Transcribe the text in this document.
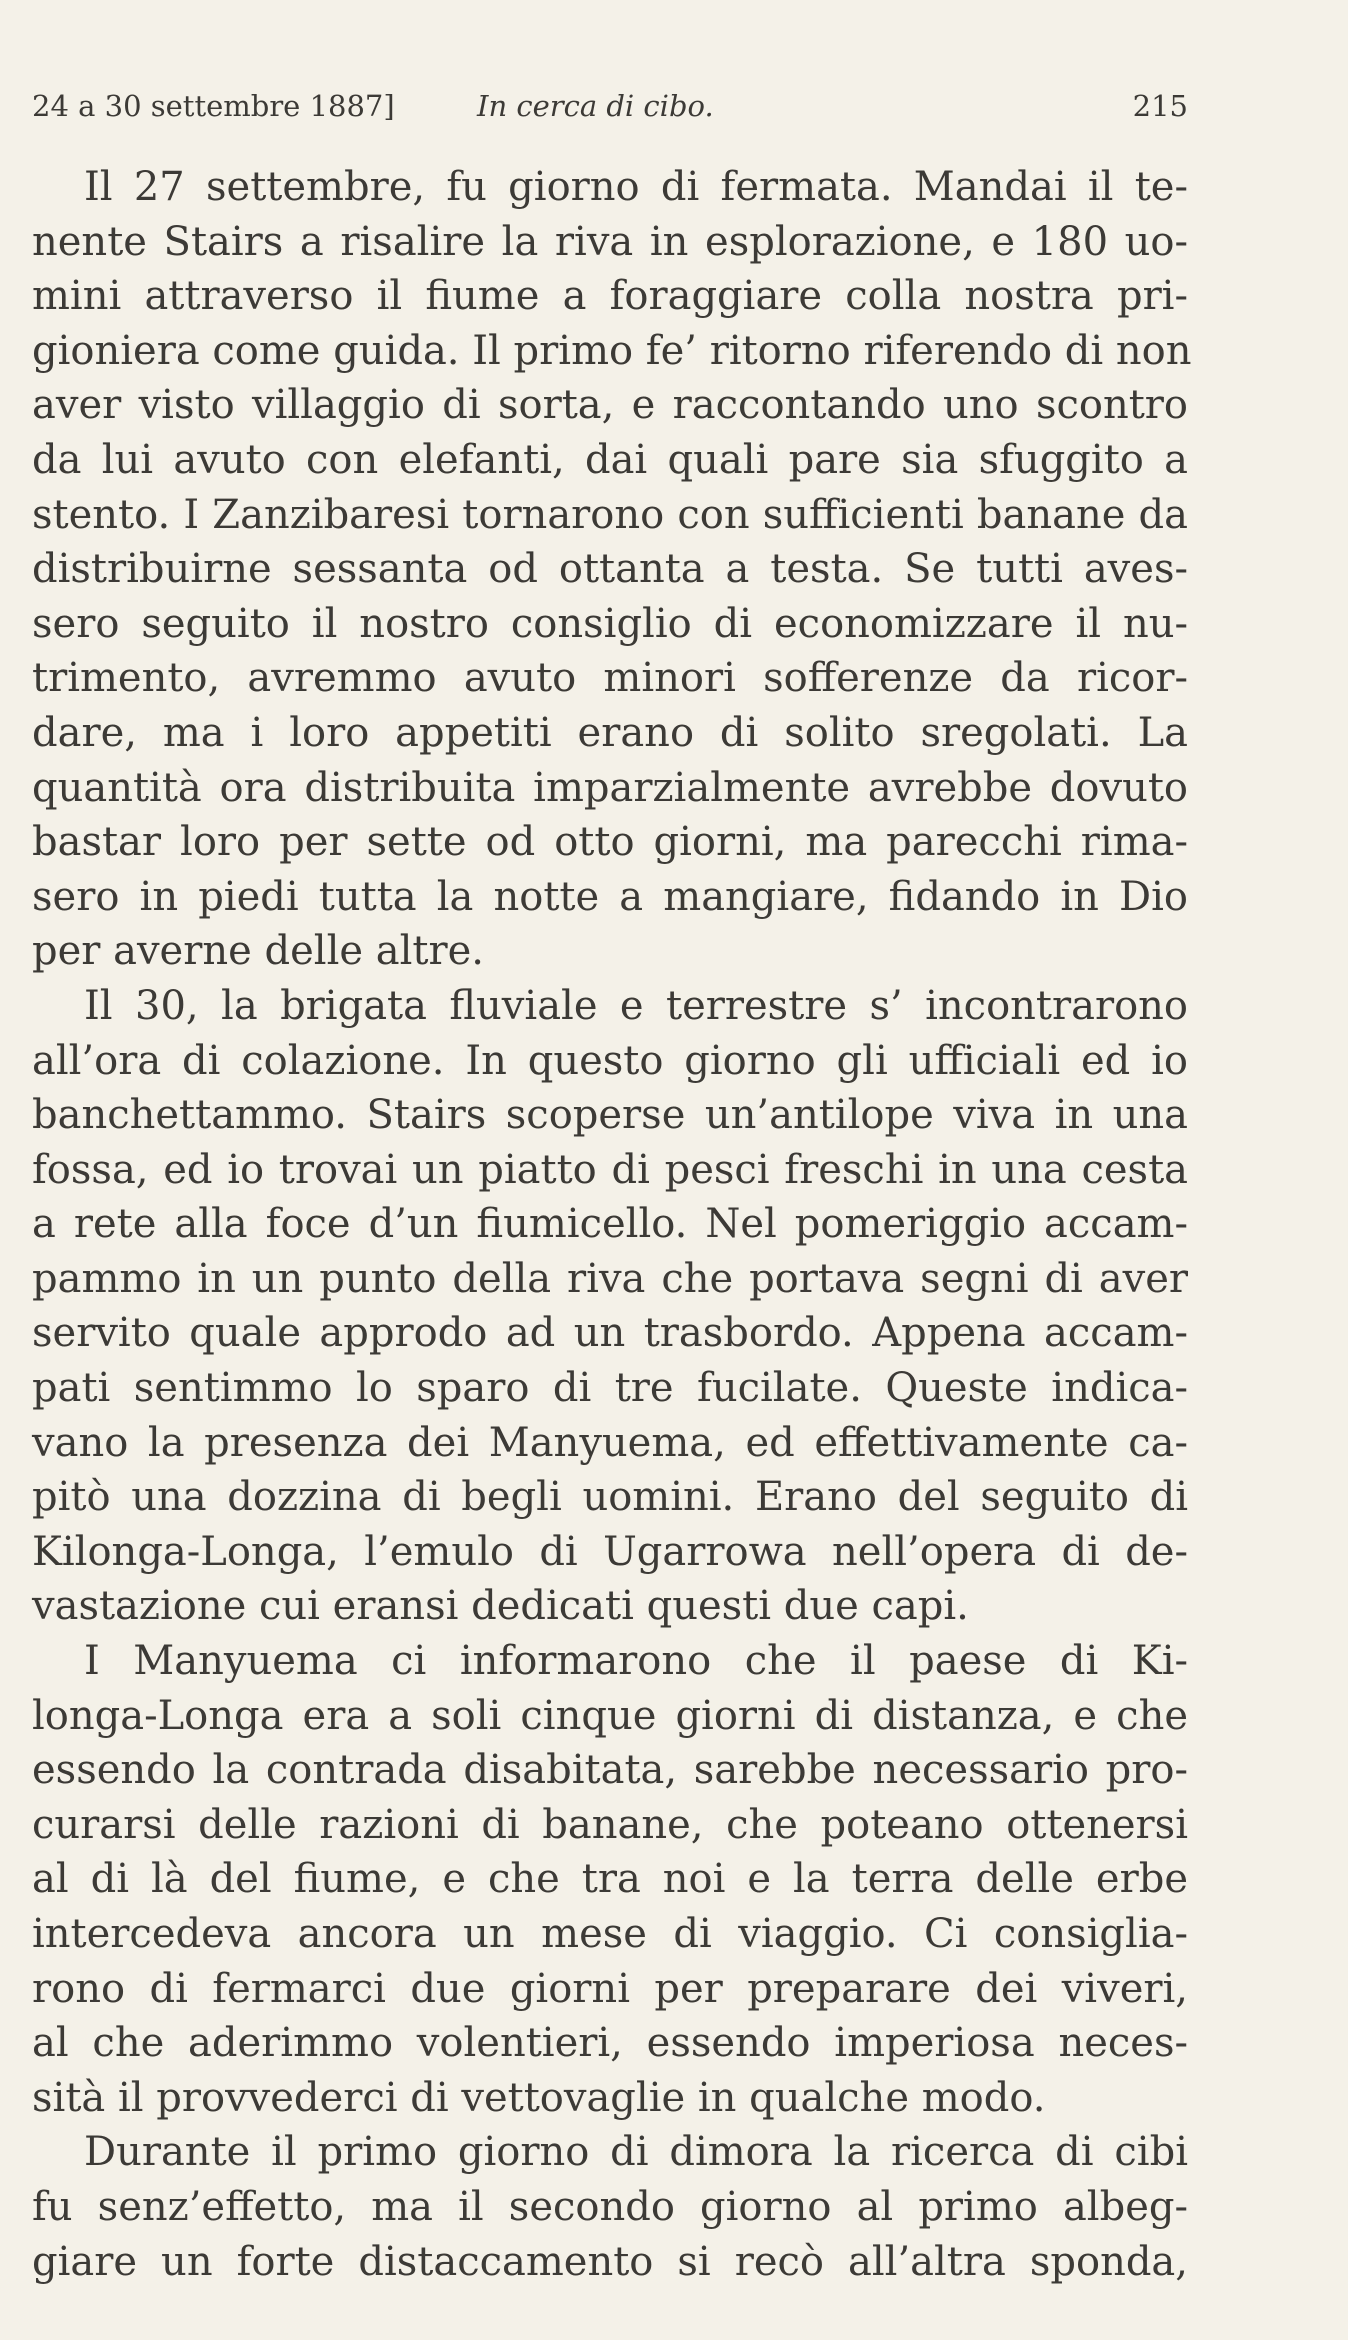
24 a 30 settembre 1887]	In cerca di cibo.	215
Il 27 settembre, fu giorno di fermata. Mandai il te-
nente Stairs a risalire la riva in esplorazione, e 180 uo-
mini attraverso il fiume a foraggiare colla nostra pri-
gioniera come guida. Il primo fe’ ritorno riferendo di non
aver visto villaggio di sorta, e raccontando uno scontro
da lui avuto con elefanti, dai quali pare sia sfuggito a
stento. I Zanzibaresi tornarono con sufficienti banane da
distribuirne sessanta od ottanta a testa. Se tutti aves-
sero seguito il nostro consiglio di economizzare il nu-
trimento, avremmo avuto minori sofferenze da ricor-
dare, ma i loro appetiti erano di solito sregolati. La
quantità ora distribuita imparzialmente avrebbe dovuto
bastar loro per sette od otto giorni, ma parecchi rima-
sero in piedi tutta la notte a mangiare, fidando in Dio
per averne delle altre.
Il 30, la brigata fluviale e terrestre s’ incontrarono
all’ora di colazione. In questo giorno gli ufficiali ed io
banchettammo. Stairs scoperse un’antilope viva in una
fossa, ed io trovai un piatto di pesci freschi in una cesta
a rete alla foce d’un fiumicello. Nel pomeriggio accam-
pammo in un punto della riva che portava segni di aver
servito quale approdo ad un trasbordo. Appena accam-
pati sentimmo lo sparo di tre fucilate. Queste indica-
vano la presenza dei Manyuema, ed effettivamente ca-
pitò una dozzina di begli uomini. Erano del seguito di
Kilonga-Longa, l’emulo di Ugarrowa nell’opera di de-
vastazione cui eransi dedicati questi due capi.
I Manyuema ci informarono che il paese di Ki-
longa-Longa era a soli cinque giorni di distanza, e che
essendo la contrada disabitata, sarebbe necessario pro-
curarsi delle razioni di banane, che poteano ottenersi
al di là del fiume, e che tra noi e la terra delle erbe
intercedeva ancora un mese di viaggio. Ci consiglia-
rono di fermarci due giorni per preparare dei viveri,
al che aderimmo volentieri, essendo imperiosa neces-
sità il provvederci di vettovaglie in qualche modo.
Durante il primo giorno di dimora la ricerca di cibi
fu senz’effetto, ma il secondo giorno al primo albeg-
giare un forte distaccamento si recò all’altra sponda,
